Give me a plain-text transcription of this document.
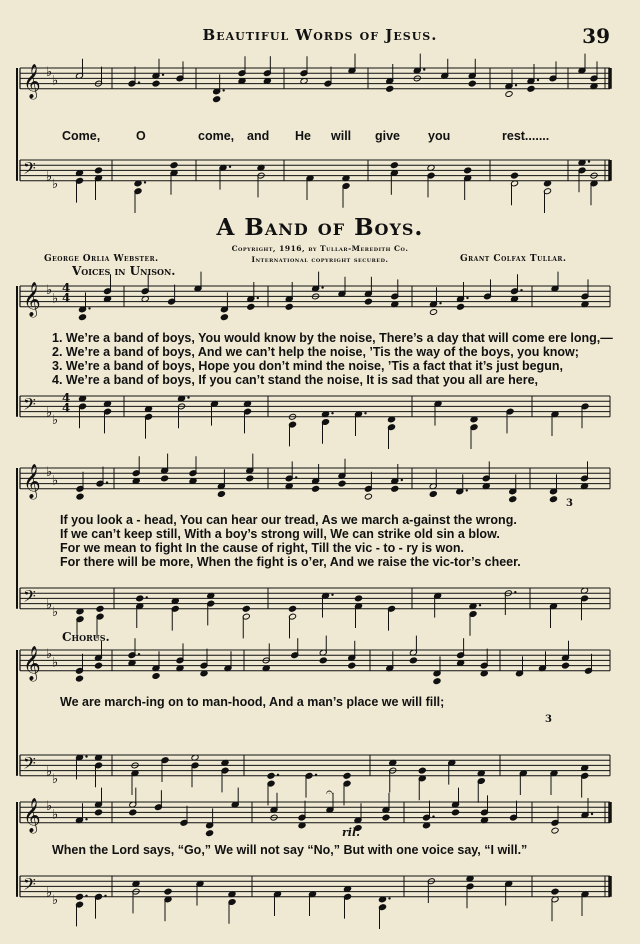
Beautiful Words of Jesus.	39
𝄞 ♭
♭
𝄢 ♭ ♭
𝄞 ♭
♭
𝄢 ♭ ♭
4
4
4
4
𝄞 ♭
♭
𝄢 ♭ ♭
𝄞 ♭
♭
𝄢 ♭ ♭
𝄞 ♭
♭
𝄢 ♭ ♭
𝄐
Come,	O	come, and He will give you	rest.......
A Band of Boys.
George Orlia Webster.	Grant Colfax Tullar.
Copyright, 1916, by Tullar-Meredith Co.
International copyright secured.
Voices in Unison.
1. We’re a band of boys, You would know by the noise, There’s a day that will come ere long,—
2. We’re a band of boys, And we can’t help the noise, ’Tis the way of the boys, you know;
3. We’re a band of boys, Hope you don’t mind the noise, ’Tis a fact that it’s just begun,
4. We’re a band of boys, If you can’t stand the noise, It is sad that you all are here,
If you look a - head, You can hear our tread, As we march a-gainst the wrong.
If we can’t keep still, With a boy’s strong will, We can strike old sin a blow.
For we mean to fight In the cause of right, Till the vic - to - ry is won.
For there will be more, When the fight is o’er, And we raise the vic-tor’s cheer.
Chorus.
We are march-ing on to man-hood, And a man’s place we will fill;
When the Lord says, “Go,” We will not say “No,” But with one voice say, “I will.”
ril.
3
3
